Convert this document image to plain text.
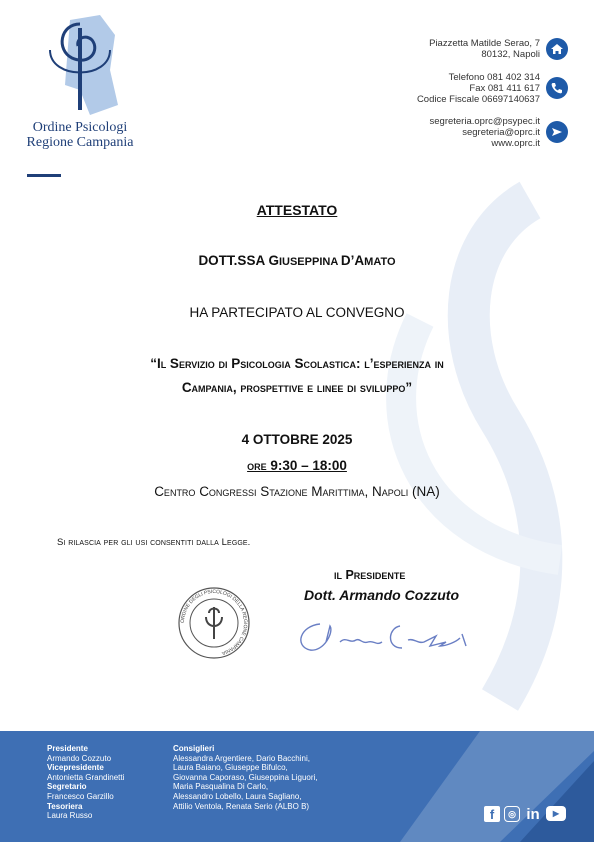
Ordine Psicologi
Regione Campania
Piazzetta Matilde Serao, 7
80132, Napoli
Telefono 081 402 314
Fax 081 411 617
Codice Fiscale 06697140637
segreteria.oprc@psypec.it
segreteria@oprc.it
www.oprc.it
ATTESTATO
DOTT.SSA GIUSEPPINA D’AMATO
HA PARTECIPATO AL CONVEGNO
“Il Servizio di Psicologia Scolastica: l’esperienza in
Campania, prospettive e linee di sviluppo”
4 OTTOBRE 2025
ore 9:30 – 18:00
Centro Congressi Stazione Marittima, Napoli (NA)
Si rilascia per gli usi consentiti dalla Legge.
il Presidente
Dott. Armando Cozzuto
ORDINE DEGLI PSICOLOGI DELLA REGIONE CAMPANIA
Presidente
Armando Cozzuto
Vicepresidente
Antonietta Grandinetti
Segretario
Francesco Garzillo
Tesoriera
Laura Russo
Consiglieri
Alessandra Argentiere, Dario Bacchini,
Laura Baiano, Giuseppe Bifulco,
Giovanna Caporaso, Giuseppina Liguori,
Maria Pasqualina Di Carlo,
Alessandro Lobello, Laura Sagliano,
Attilio Ventola, Renata Serio (ALBO B)
f	◎ in	▶
